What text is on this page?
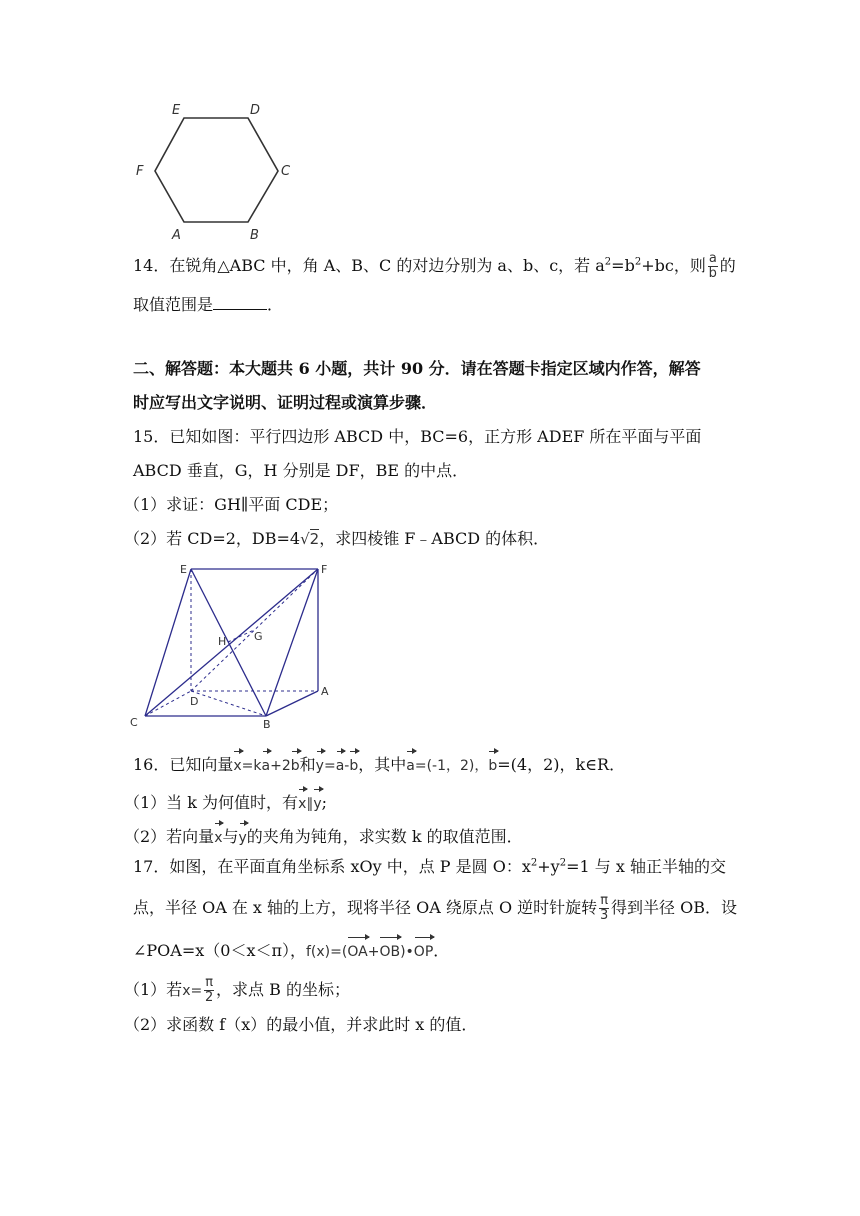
E	D
F	C
A	B
14．在锐角△ABC 中，角 A、B、C 的对边分别为 a、b、c，若 $a^2=b^2+bc$，则 $\frac{a}{b}$ 的
取值范围是	．
二、解答题：本大题共 6 小题，共计 90 分．请在答题卡指定区域内作答，解答
时应写出文字说明、证明过程或演算步骤．
15．已知如图：平行四边形 ABCD 中，BC=6，正方形 ADEF 所在平面与平面
ABCD 垂直，G，H 分别是 DF，BE 的中点．
（1）求证：GH∥平面 CDE；
（2）若 CD=2，DB=4√2，求四棱锥 F﹣ABCD 的体积．
E	F
H	G
D
A
C	B
16．已知向量x=ka+2b和y=a-b，其中a=(-1，2)，b=(4，2)，k∈R．
（1）当 k 为何值时，有x∥y;
（2）若向量x与y的夹角为钝角，求实数 k 的取值范围．
17．如图，在平面直角坐标系 xOy 中，点 P 是圆 O：$x^2+y^2=1$ 与 x 轴正半轴的交
点，半径 OA 在 x 轴的上方，现将半径 OA 绕原点 O 逆时针旋转 $\frac{\pi}{3}$ 得到半径 OB．设
∠POA=x（0＜x＜π），f(x)=(OA+OB)•OP．
（1）若$x= \frac{\pi}{2}$ ，求点 B 的坐标；
（2）求函数 f（x）的最小值，并求此时 x 的值．
